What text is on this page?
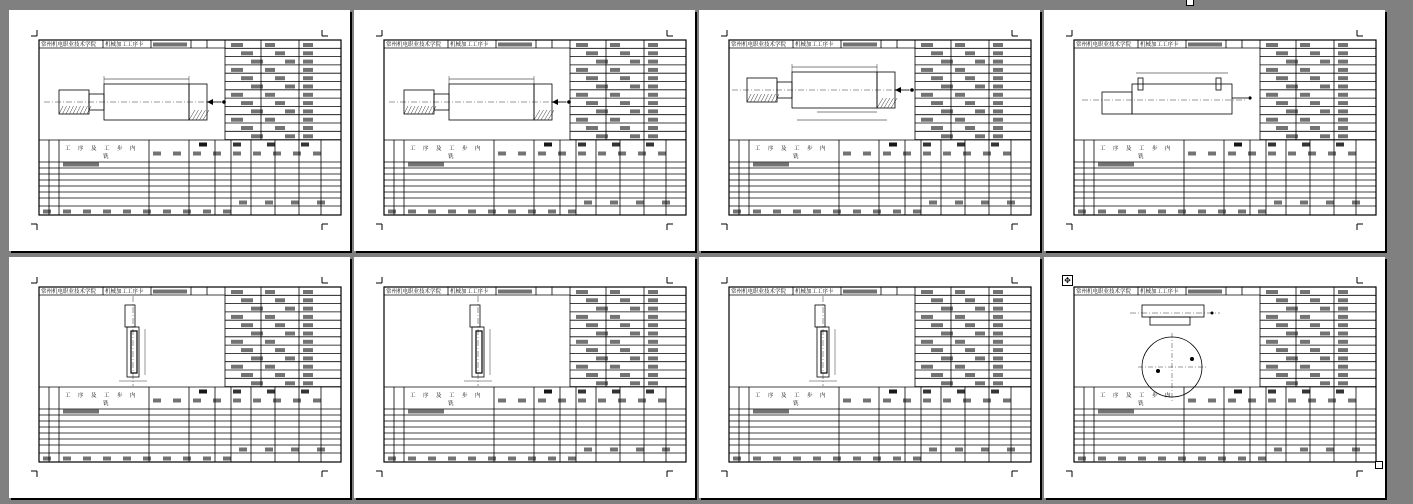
常州机电职业技术学院 机械加工工序卡
工 序 及 工 步 内
铣
常州机电职业技术学院 机械加工工序卡
工 序 及 工 步 内
铣
常州机电职业技术学院 机械加工工序卡
工 序 及 工 步 内
铣
常州机电职业技术学院 机械加工工序卡
工 序 及 工 步 内
铣
常州机电职业技术学院 机械加工工序卡
工 序 及 工 步 内
铣
常州机电职业技术学院 机械加工工序卡
工 序 及 工 步 内
铣
常州机电职业技术学院 机械加工工序卡
工 序 及 工 步 内
铣
常州机电职业技术学院 机械加工工序卡
工 序 及 工 步 内
铣
✥
